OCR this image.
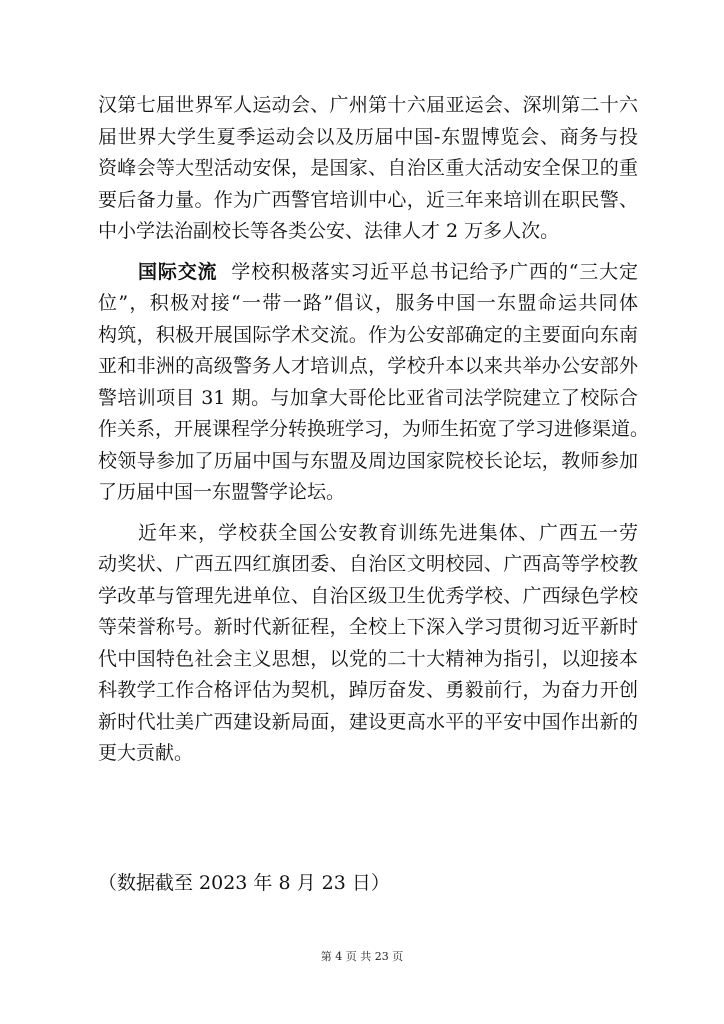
汉第七届世界军人运动会、广州第十六届亚运会、深圳第二十六
届世界大学生夏季运动会以及历届中国-东盟博览会、商务与投
资峰会等大型活动安保，是国家、自治区重大活动安全保卫的重
要后备力量。作为广西警官培训中心，近三年来培训在职民警、
中小学法治副校长等各类公安、法律人才 2 万多人次。
国际交流 学校积极落实习近平总书记给予广西的“三大定
位”，积极对接“一带一路”倡议，服务中国一东盟命运共同体
构筑，积极开展国际学术交流。作为公安部确定的主要面向东南
亚和非洲的高级警务人才培训点，学校升本以来共举办公安部外
警培训项目 31 期。与加拿大哥伦比亚省司法学院建立了校际合
作关系，开展课程学分转换班学习，为师生拓宽了学习进修渠道。
校领导参加了历届中国与东盟及周边国家院校长论坛，教师参加
了历届中国一东盟警学论坛。
近年来，学校获全国公安教育训练先进集体、广西五一劳
动奖状、广西五四红旗团委、自治区文明校园、广西高等学校教
学改革与管理先进单位、自治区级卫生优秀学校、广西绿色学校
等荣誉称号。新时代新征程，全校上下深入学习贯彻习近平新时
代中国特色社会主义思想，以党的二十大精神为指引，以迎接本
科教学工作合格评估为契机，踔厉奋发、勇毅前行，为奋力开创
新时代壮美广西建设新局面，建设更高水平的平安中国作出新的
更大贡献。
（数据截至 2023 年 8 月 23 日）
第 4 页 共 23 页
